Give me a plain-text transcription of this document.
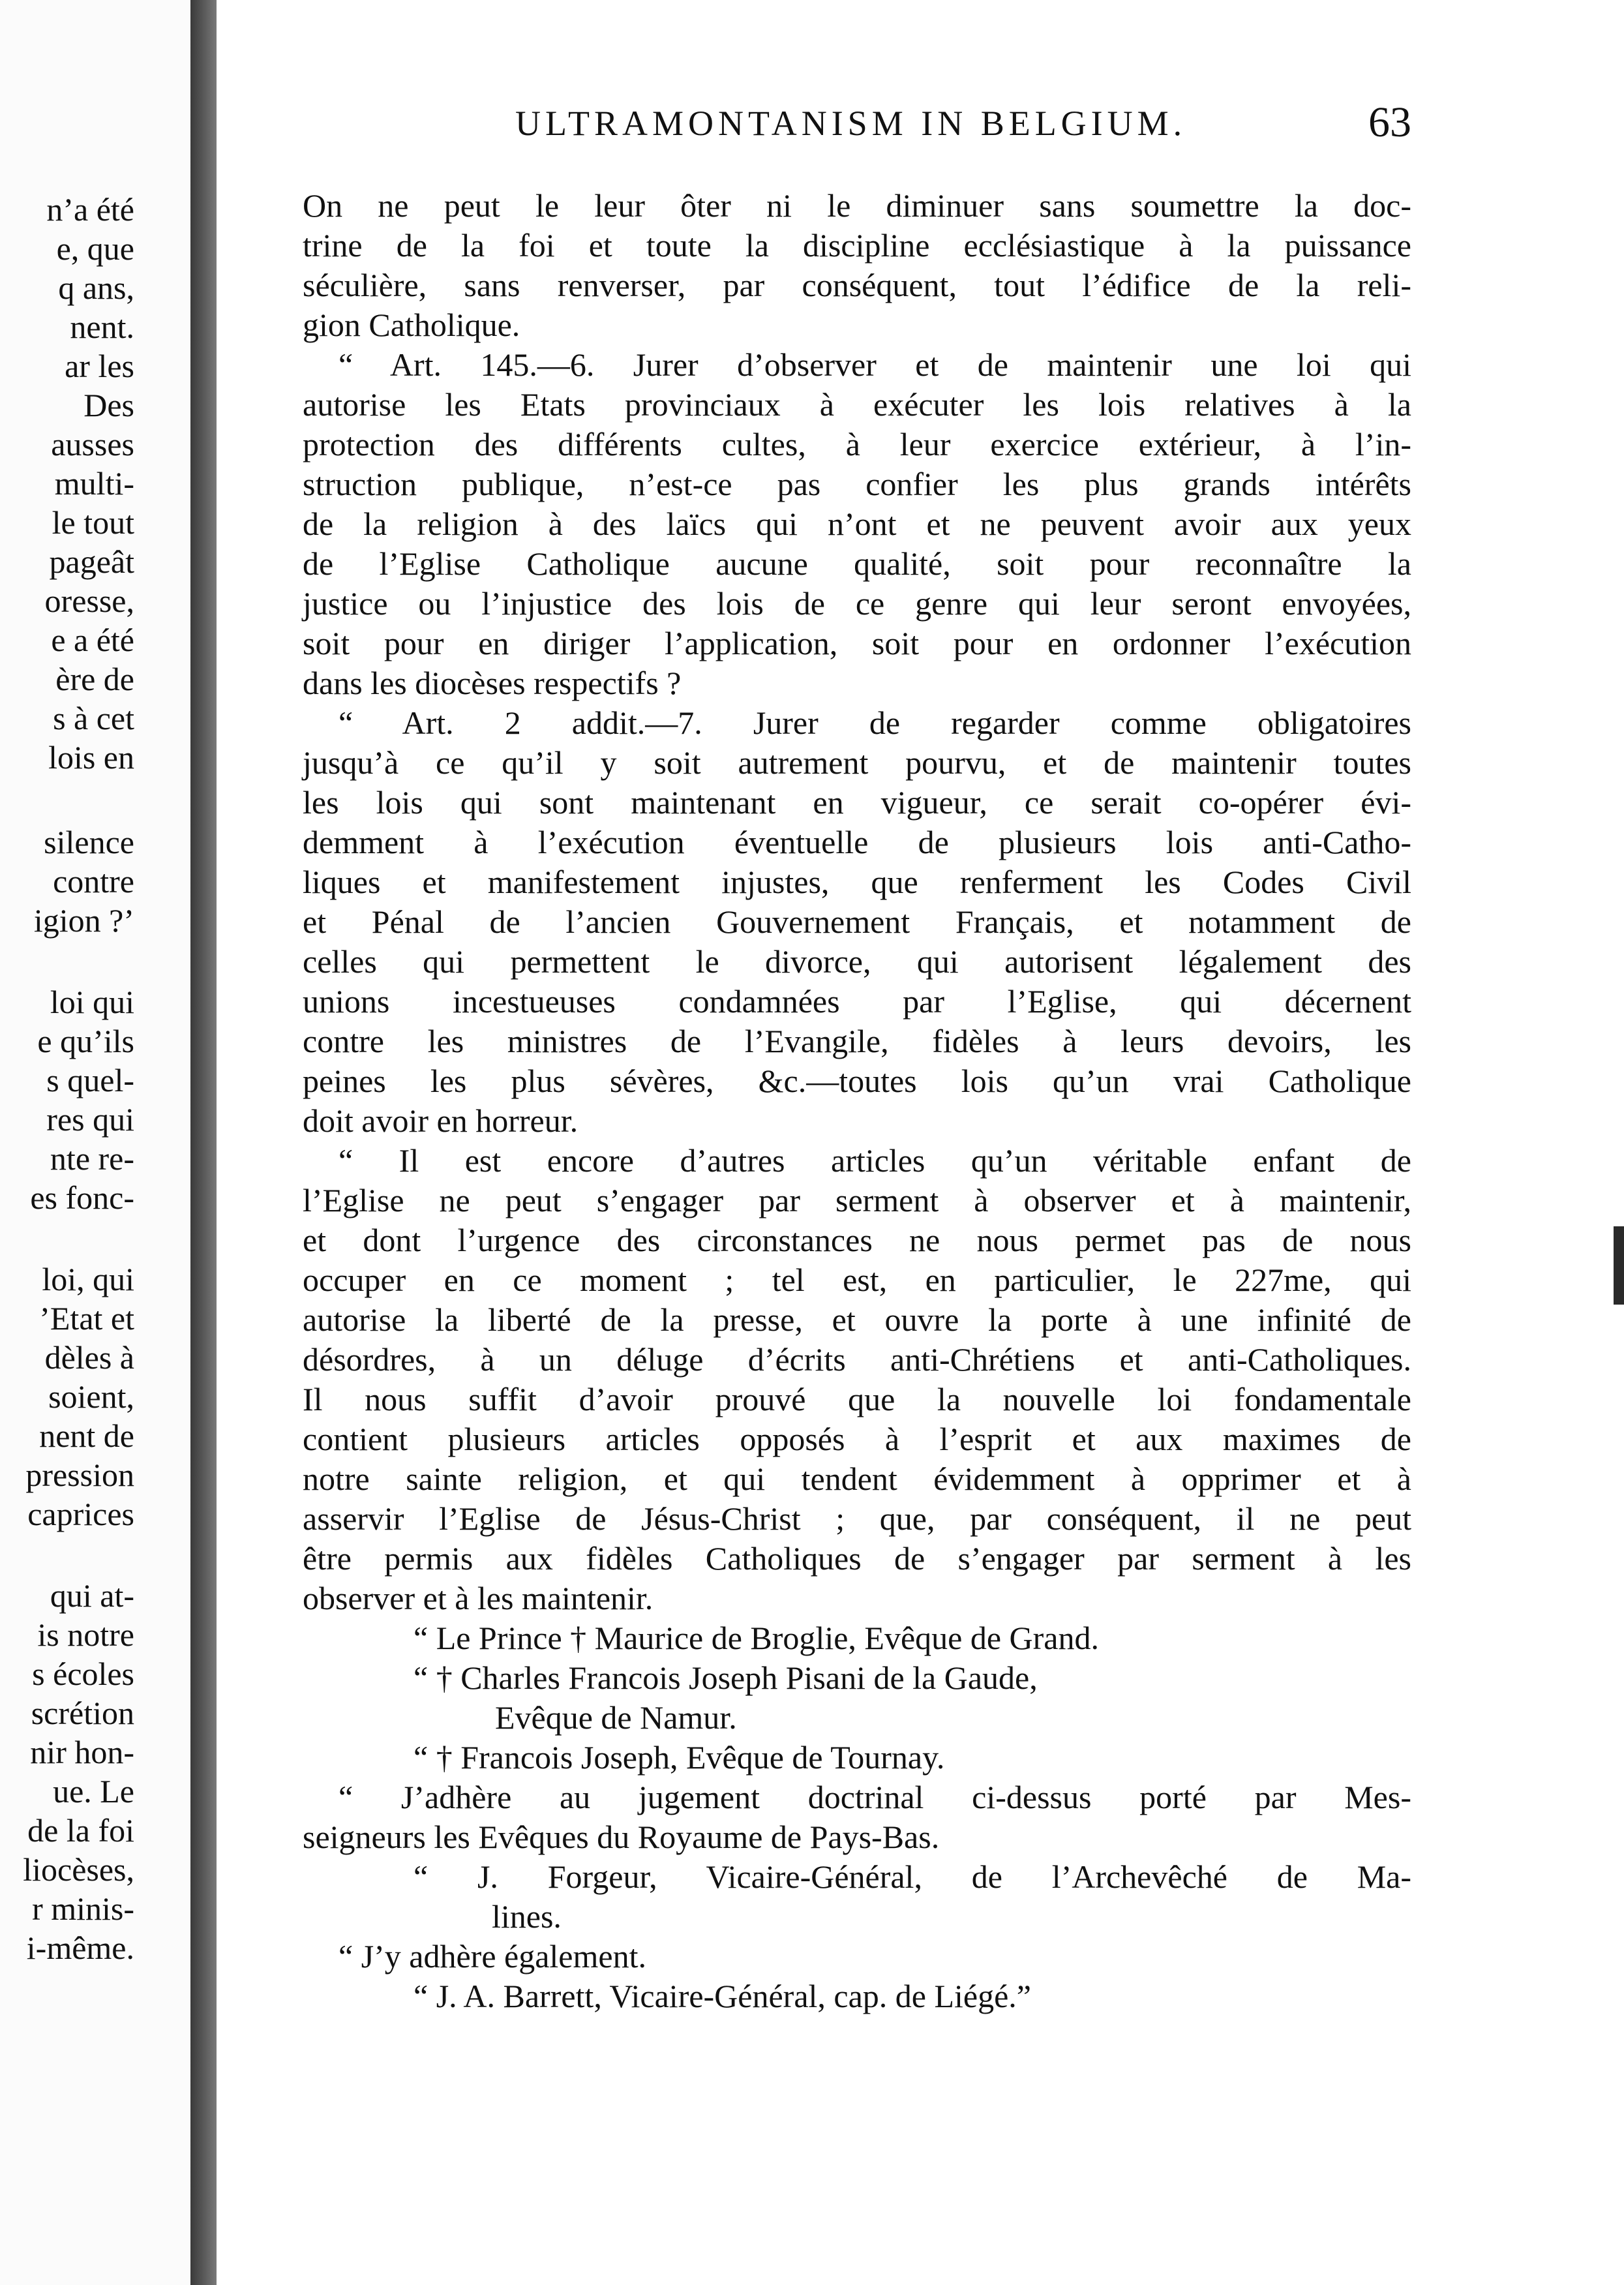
n’a été
e, que
q ans,
nent.
ar les
Des
ausses
multi-
le tout
pageât
oresse,
e a été
ère de
s à cet
lois en
silence
contre
igion ?’
loi qui
e qu’ils
s quel-
res qui
nte re-
es fonc-
loi, qui
’Etat et
dèles à
soient,
nent de
pression
caprices
qui at-
is notre
s écoles
scrétion
nir hon-
ue. Le
de la foi
liocèses,
r minis-
i-même.
ULTRAMONTANISM IN BELGIUM.	63
On ne peut le leur ôter ni le diminuer sans soumettre la doc-
trine de la foi et toute la discipline ecclésiastique à la puissance
séculière, sans renverser, par conséquent, tout l’édifice de la reli-
gion Catholique.
“ Art. 145.—6. Jurer d’observer et de maintenir une loi qui
autorise les Etats provinciaux à exécuter les lois relatives à la
protection des différents cultes, à leur exercice extérieur, à l’in-
struction publique, n’est-ce pas confier les plus grands intérêts
de la religion à des laïcs qui n’ont et ne peuvent avoir aux yeux
de l’Eglise Catholique aucune qualité, soit pour reconnaître la
justice ou l’injustice des lois de ce genre qui leur seront envoyées,
soit pour en diriger l’application, soit pour en ordonner l’exécution
dans les diocèses respectifs ?
“ Art. 2 addit.—7. Jurer de regarder comme obligatoires
jusqu’à ce qu’il y soit autrement pourvu, et de maintenir toutes
les lois qui sont maintenant en vigueur, ce serait co-opérer évi-
demment à l’exécution éventuelle de plusieurs lois anti-Catho-
liques et manifestement injustes, que renferment les Codes Civil
et Pénal de l’ancien Gouvernement Français, et notamment de
celles qui permettent le divorce, qui autorisent légalement des
unions incestueuses condamnées par l’Eglise, qui décernent
contre les ministres de l’Evangile, fidèles à leurs devoirs, les
peines les plus sévères, &c.—toutes lois qu’un vrai Catholique
doit avoir en horreur.
“ Il est encore d’autres articles qu’un véritable enfant de
l’Eglise ne peut s’engager par serment à observer et à maintenir,
et dont l’urgence des circonstances ne nous permet pas de nous
occuper en ce moment ; tel est, en particulier, le 227me, qui
autorise la liberté de la presse, et ouvre la porte à une infinité de
désordres, à un déluge d’écrits anti-Chrétiens et anti-Catholiques.
Il nous suffit d’avoir prouvé que la nouvelle loi fondamentale
contient plusieurs articles opposés à l’esprit et aux maximes de
notre sainte religion, et qui tendent évidemment à opprimer et à
asservir l’Eglise de Jésus-Christ ; que, par conséquent, il ne peut
être permis aux fidèles Catholiques de s’engager par serment à les
observer et à les maintenir.
“ Le Prince † Maurice de Broglie, Evêque de Grand.
“ † Charles Francois Joseph Pisani de la Gaude,
Evêque de Namur.
“ † Francois Joseph, Evêque de Tournay.
“ J’adhère au jugement doctrinal ci-dessus porté par Mes-
seigneurs les Evêques du Royaume de Pays-Bas.
“ J. Forgeur, Vicaire-Général, de l’Archevêché de Ma-
lines.
“ J’y adhère également.
“ J. A. Barrett, Vicaire-Général, cap. de Liégé.”
